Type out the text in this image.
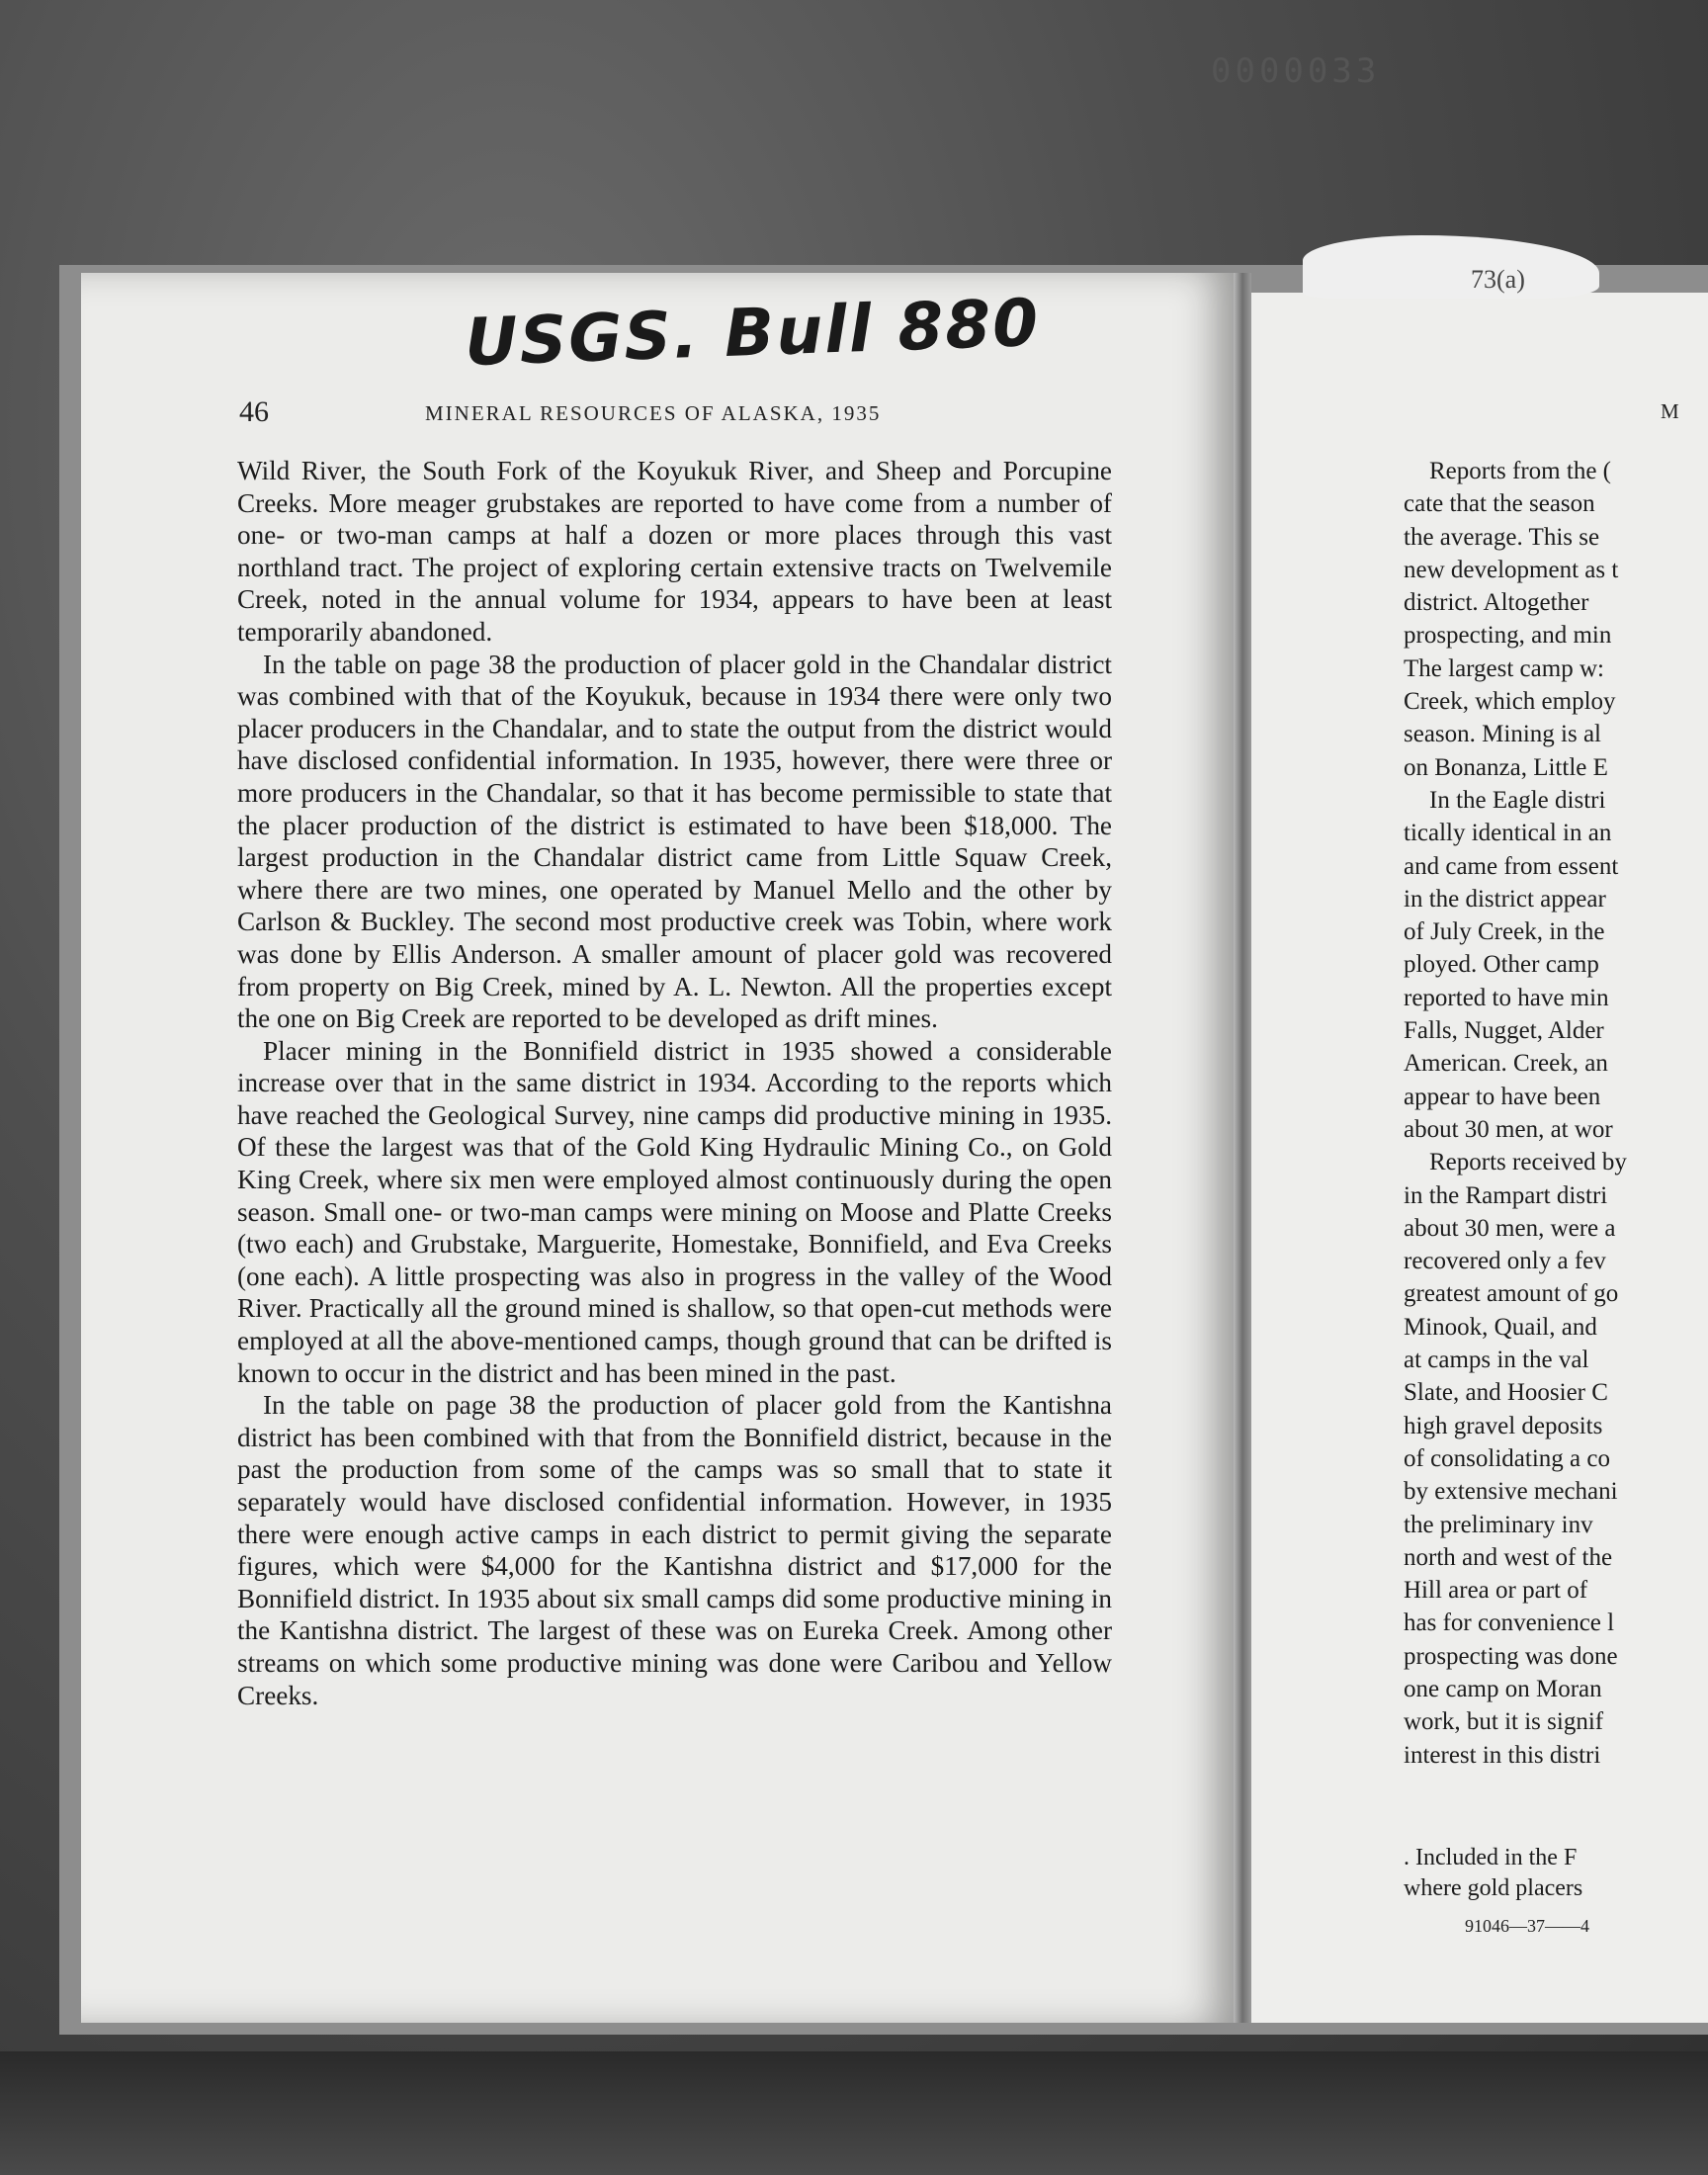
0000033
73(a)
USGS. Bull 880
46	MINERAL RESOURCES OF ALASKA, 1935

Wild River, the South Fork of the Koyukuk River, and Sheep and Porcupine Creeks. More meager grubstakes are reported to have come from a number of one- or two-man camps at half a dozen or more places through this vast northland tract. The project of exploring certain extensive tracts on Twelvemile Creek, noted in the annual volume for 1934, appears to have been at least temporarily abandoned.

In the table on page 38 the production of placer gold in the Chandalar district was combined with that of the Koyukuk, because in 1934 there were only two placer producers in the Chandalar, and to state the output from the district would have disclosed confidential information. In 1935, however, there were three or more producers in the Chandalar, so that it has become permissible to state that the placer production of the district is estimated to have been $18,000. The largest production in the Chandalar district came from Little Squaw Creek, where there are two mines, one operated by Manuel Mello and the other by Carlson & Buckley. The second most productive creek was Tobin, where work was done by Ellis Anderson. A smaller amount of placer gold was recovered from property on Big Creek, mined by A. L. Newton. All the properties except the one on Big Creek are reported to be developed as drift mines.

Placer mining in the Bonnifield district in 1935 showed a considerable increase over that in the same district in 1934. According to the reports which have reached the Geological Survey, nine camps did productive mining in 1935. Of these the largest was that of the Gold King Hydraulic Mining Co., on Gold King Creek, where six men were employed almost continuously during the open season. Small one- or two-man camps were mining on Moose and Platte Creeks (two each) and Grubstake, Marguerite, Homestake, Bonnifield, and Eva Creeks (one each). A little prospecting was also in progress in the valley of the Wood River. Practically all the ground mined is shallow, so that open-cut methods were employed at all the above-mentioned camps, though ground that can be drifted is known to occur in the district and has been mined in the past.

In the table on page 38 the production of placer gold from the Kantishna district has been combined with that from the Bonnifield district, because in the past the production from some of the camps was so small that to state it separately would have disclosed confidential information. However, in 1935 there were enough active camps in each district to permit giving the separate figures, which were $4,000 for the Kantishna district and $17,000 for the Bonnifield district. In 1935 about six small camps did some productive mining in the Kantishna district. The largest of these was on Eureka Creek. Among other streams on which some productive mining was done were Caribou and Yellow Creeks.

M
Reports from the (
cate that the season
the average. This se
new development as t
district. Altogether
prospecting, and min
The largest camp w:
Creek, which employ
season. Mining is al
on Bonanza, Little E
In the Eagle distri
tically identical in an
and came from essent
in the district appear
of July Creek, in the
ployed. Other camp
reported to have min
Falls, Nugget, Alder
American. Creek, an
appear to have been
about 30 men, at wor
Reports received by
in the Rampart distri
about 30 men, were a
recovered only a fev
greatest amount of go
Minook, Quail, and
at camps in the val
Slate, and Hoosier C
high gravel deposits
of consolidating a co
by extensive mechani
the preliminary inv
north and west of the
Hill area or part of
has for convenience l
prospecting was done
one camp on Moran
work, but it is signif
interest in this distri
. Included in the F
where gold placers
91046—37——4
